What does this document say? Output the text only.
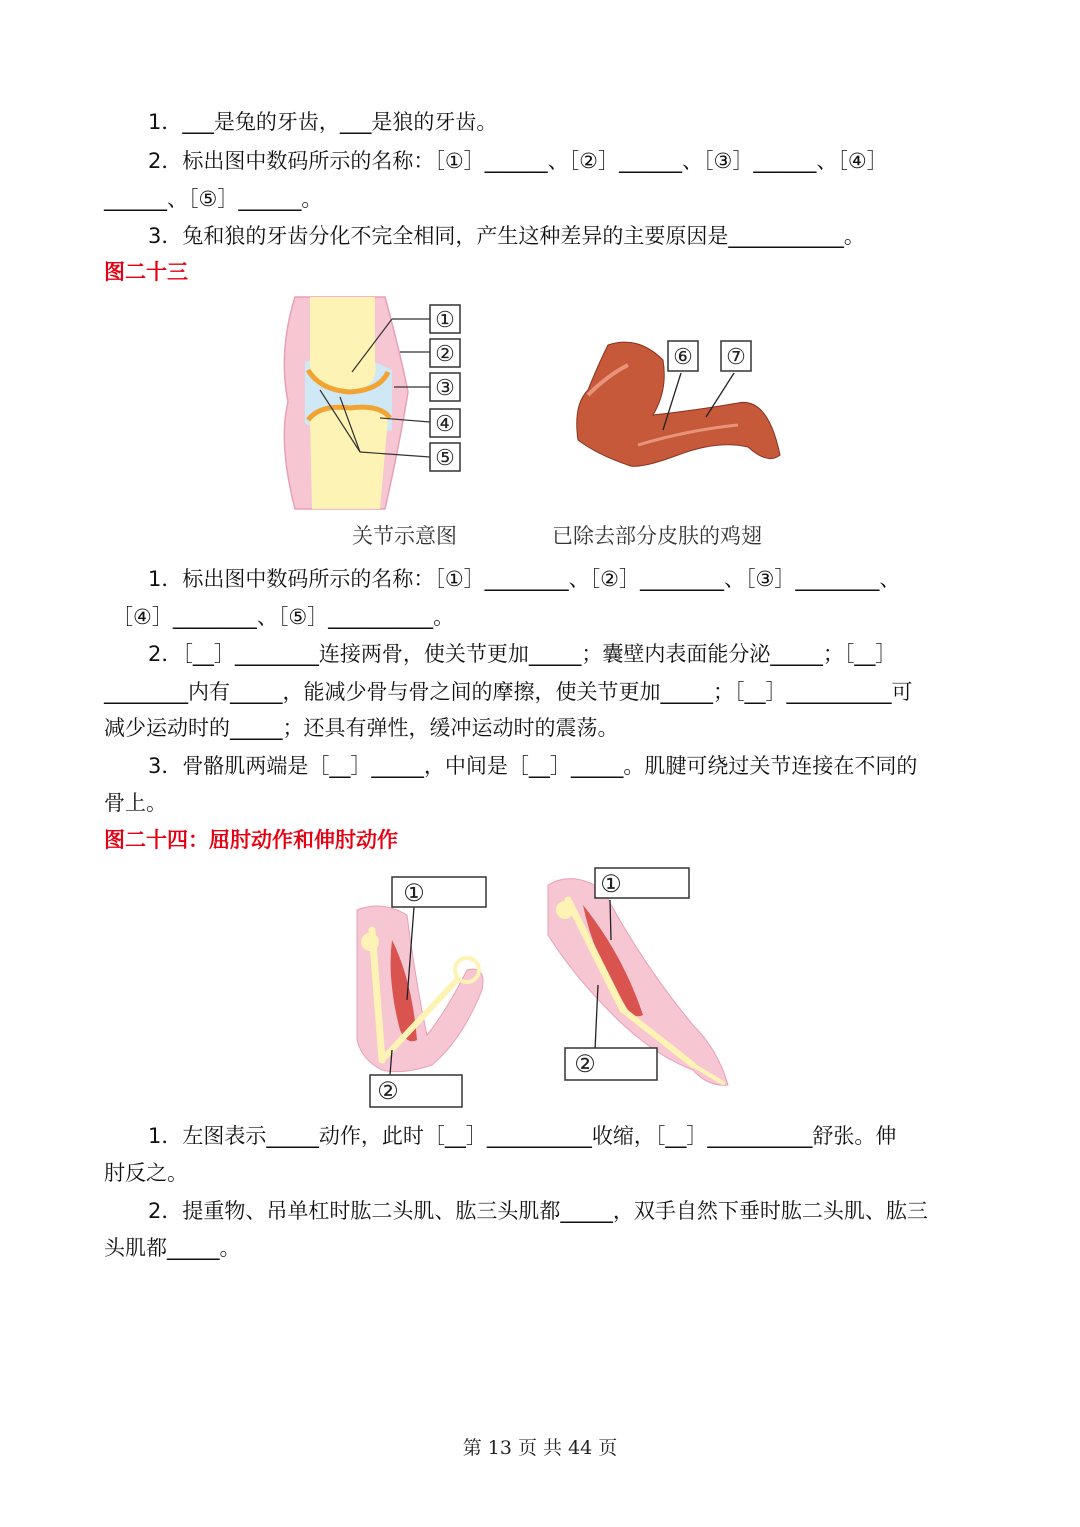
1．___是兔的牙齿，___是狼的牙齿。
2．标出图中数码所示的名称：［①］______、［②］______、［③］______、［④］
______、［⑤］______。
3．兔和狼的牙齿分化不完全相同，产生这种差异的主要原因是___________。
图二十三
①
②
③
④
⑤
⑥ ⑦
关节示意图	已除去部分皮肤的鸡翅
1．标出图中数码所示的名称：［①］________、［②］________、［③］________、
［④］________、［⑤］__________。
2．［__］________连接两骨，使关节更加_____；囊壁内表面能分泌_____；［__］
________内有_____，能减少骨与骨之间的摩擦，使关节更加_____；［__］__________可
减少运动时的_____；还具有弹性，缓冲运动时的震荡。
3．骨骼肌两端是［__］_____，中间是［__］_____。肌腱可绕过关节连接在不同的
骨上。
图二十四：屈肘动作和伸肘动作
①
②
①
②
1．左图表示_____动作，此时［__］__________收缩，［__］__________舒张。伸
肘反之。
2．提重物、吊单杠时肱二头肌、肱三头肌都_____，双手自然下垂时肱二头肌、肱三
头肌都_____。
第 13 页 共 44 页
